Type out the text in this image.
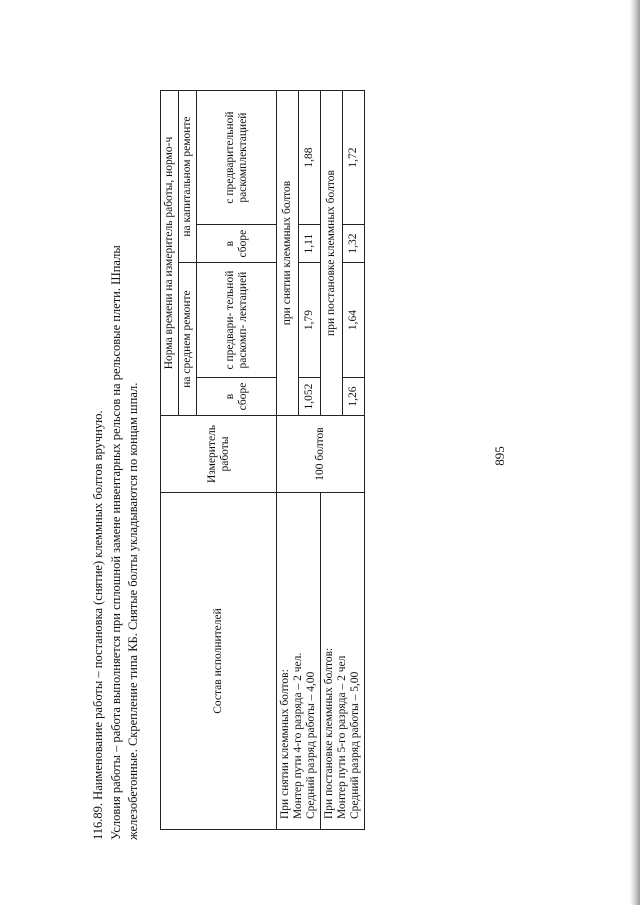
895
116.89. Наименование работы – постановка (снятие) клеммных болтов вручную. Условия работы – работа выполняется при сплошной замене инвентарных рельсов на рельсовые плети. Шпалы железобетонные. Скрепление типа КБ. Снятые болты укладываются по концам шпал.	Состав исполнителей	Измеритель работы	Норма времени на измеритель работы, нормо-ч			
		на среднем ремонте		на капитальном ремонте	
		в сборе	с предвари- тельной раскомп- лектацией	в сборе	с предварительной раскомплектацией

При снятии клеммных болтов: Монтер пути 4-го разряда – 2 чел. Средний разряд работы – 4,00	100 болтов	при снятии клеммных болтов			
		1,052	1,79	1,11	1,88

При постановке клеммных болтов: Монтер пути 5-го разряда – 2 чел Средний разряд работы – 5,00		при постановке клеммных болтов			
		1,26	1,64	1,32	1,72
